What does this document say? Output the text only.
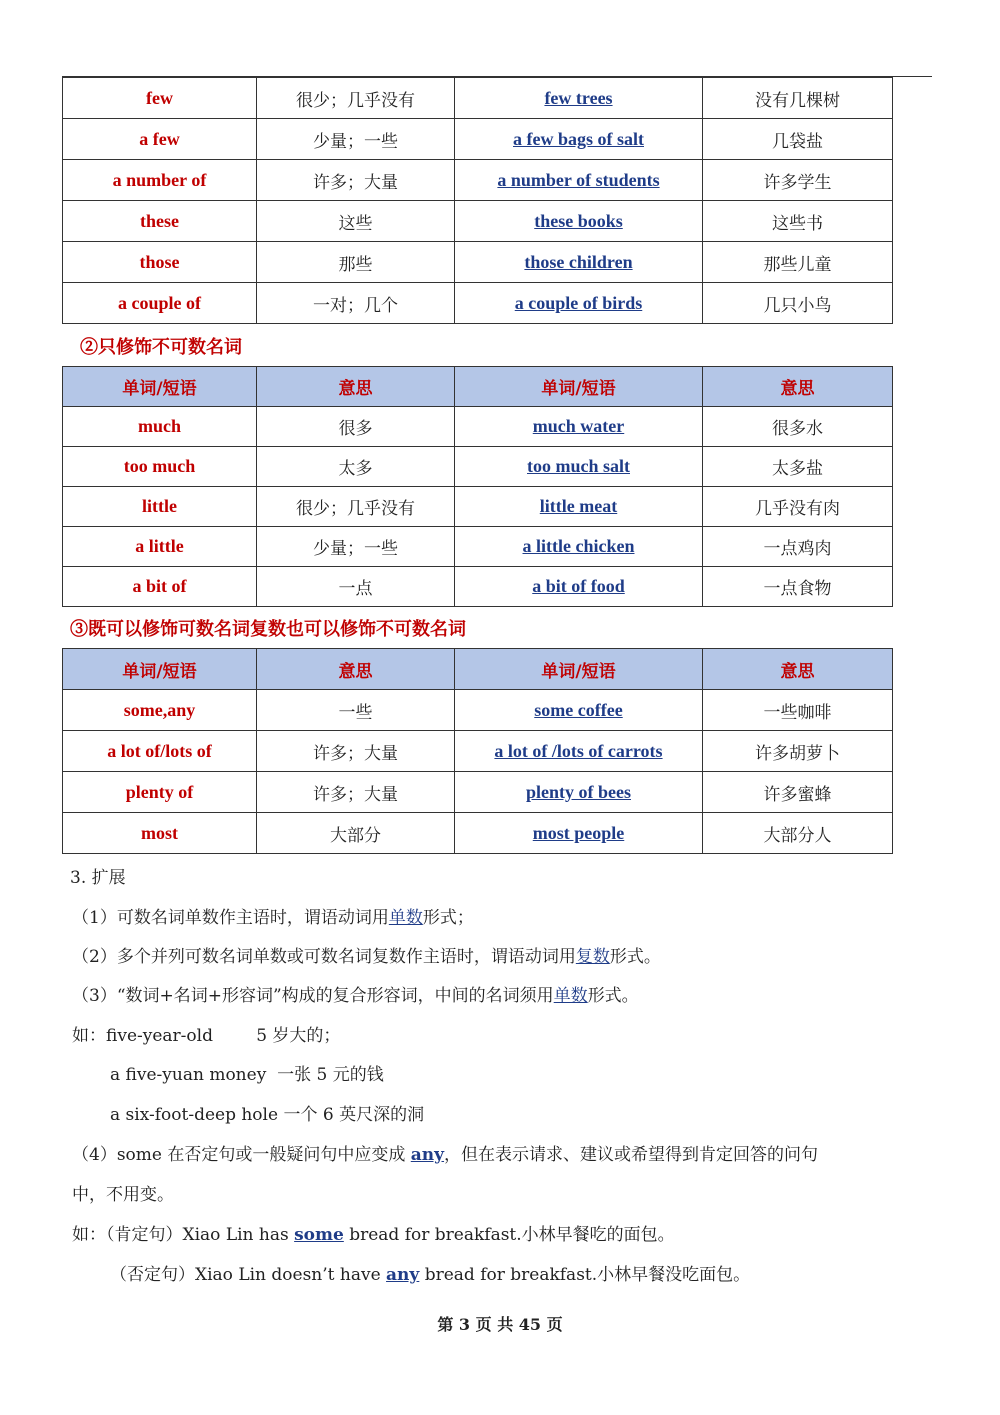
few	很少；几乎没有	few trees	没有几棵树
a few	少量；一些	a few bags of salt	几袋盐
a number of	许多；大量	a number of students	许多学生
these	这些	these books	这些书
those	那些	those children	那些儿童
a couple of	一对；几个	a couple of birds	几只小鸟
②只修饰不可数名词
单词/短语	意思	单词/短语	意思
much	很多	much water	很多水
too much	太多	too much salt	太多盐
little	很少；几乎没有	little meat	几乎没有肉
a little	少量；一些	a little chicken	一点鸡肉
a bit of	一点	a bit of food	一点食物
③既可以修饰可数名词复数也可以修饰不可数名词
单词/短语	意思	单词/短语	意思
some,any	一些	some coffee	一些咖啡
a lot of/lots of	许多；大量	a lot of /lots of carrots	许多胡萝卜
plenty of	许多；大量	plenty of bees	许多蜜蜂
most	大部分	most people	大部分人
3. 扩展
（1）可数名词单数作主语时，谓语动词用单数形式；
（2）多个并列可数名词单数或可数名词复数作主语时，谓语动词用复数形式。
（3）“数词+名词+形容词”构成的复合形容词，中间的名词须用单数形式。
如：five-year-old        5 岁大的；
a five-yuan money  一张 5 元的钱
a six-foot-deep hole 一个 6 英尺深的洞
（4）some 在否定句或一般疑问句中应变成 any，但在表示请求、建议或希望得到肯定回答的问句
中，不用变。
如：（肯定句）Xiao Lin has some bread for breakfast.小林早餐吃的面包。
（否定句）Xiao Lin doesn’t have any bread for breakfast.小林早餐没吃面包。
第 3 页 共 45 页
